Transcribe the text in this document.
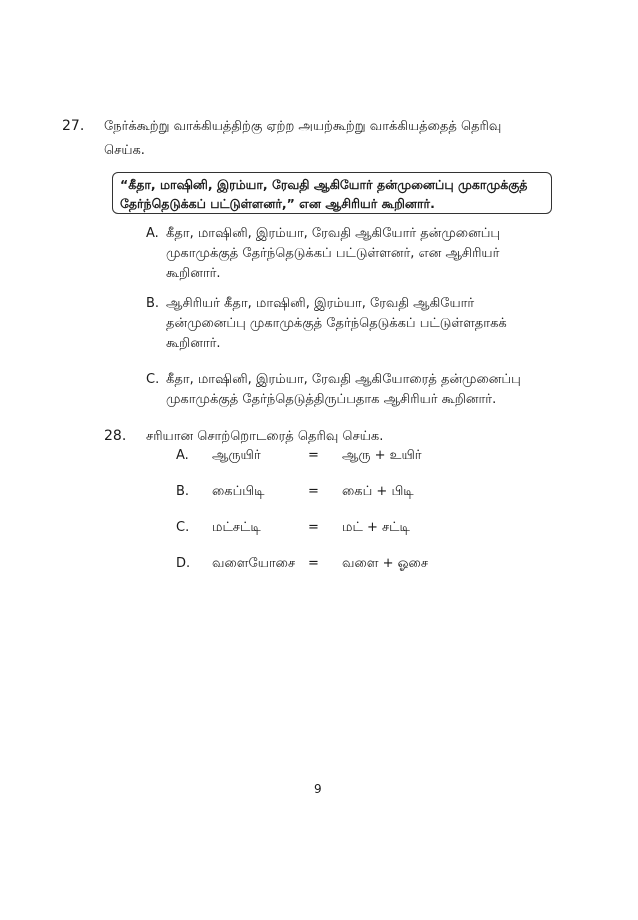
27. நேர்க்கூற்று வாக்கியத்திற்கு ஏற்ற அயற்கூற்று வாக்கியத்தைத் தெரிவு
செய்க.
“கீதா, மாஷினி, இரம்யா, ரேவதி ஆகியோர் தன்முனைப்பு முகாமுக்குத்
தேர்ந்தெடுக்கப் பட்டுள்ளனர்,” என ஆசிரியர் கூறினார்.
A. கீதா, மாஷினி, இரம்யா, ரேவதி ஆகியோர் தன்முனைப்பு
முகாமுக்குத் தேர்ந்தெடுக்கப் பட்டுள்ளனர், என ஆசிரியர்
கூறினார்.
B. ஆசிரியர் கீதா, மாஷினி, இரம்யா, ரேவதி ஆகியோர்
தன்முனைப்பு முகாமுக்குத் தேர்ந்தெடுக்கப் பட்டுள்ளதாகக்
கூறினார்.
C. கீதா, மாஷினி, இரம்யா, ரேவதி ஆகியோரைத் தன்முனைப்பு
முகாமுக்குத் தேர்ந்தெடுத்திருப்பதாக ஆசிரியர் கூறினார்.
28. சரியான சொற்றொடரைத் தெரிவு செய்க.
A. ஆருயிர்	= ஆரு + உயிர்
B. கைப்பிடி	= கைப் + பிடி
C. மட்சட்டி	= மட் + சட்டி
D. வளையோசை = வளை + ஓசை
9
